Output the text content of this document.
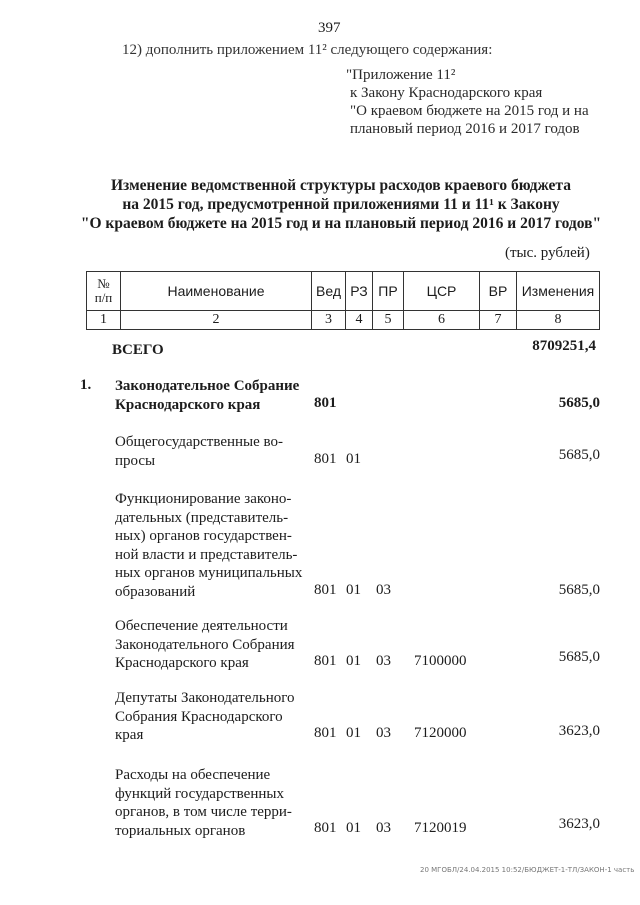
397
12) дополнить приложением 11² следующего содержания:
"Приложение 11²
к Закону Краснодарского края
"О краевом бюджете на 2015 год и на
плановый период 2016 и 2017 годов
Изменение ведомственной структуры расходов краевого бюджета
на 2015 год, предусмотренной приложениями 11 и 11¹ к Закону
"О краевом бюджете на 2015 год и на плановый период 2016 и 2017 годов"
(тыс. рублей)
№
п/п	Наименование	Вед	РЗ	ПР	ЦСР	ВР	Изменения
1	2	3	4	5	6	7	8
ВСЕГО	8709251,4
1. Законодательное Собрание
Краснодарского края	801	5685,0
Общегосударственные во-
просы	801 01	5685,0
Функционирование законо-
дательных (представитель-
ных) органов государствен-
ной власти и представитель-
ных органов муниципальных
образований	801 01 03	5685,0
Обеспечение деятельности
Законодательного Собрания
Краснодарского края	801 01 03 7100000	5685,0
Депутаты Законодательного
Собрания Краснодарского
края	801 01 03 7120000	3623,0
Расходы на обеспечение
функций государственных
органов, в том числе терри-
ториальных органов	801 01 03 7120019	3623,0
20 МГОБЛ/24.04.2015 10:52/БЮДЖЕТ-1-ТЛ/ЗАКОН-1 часть
